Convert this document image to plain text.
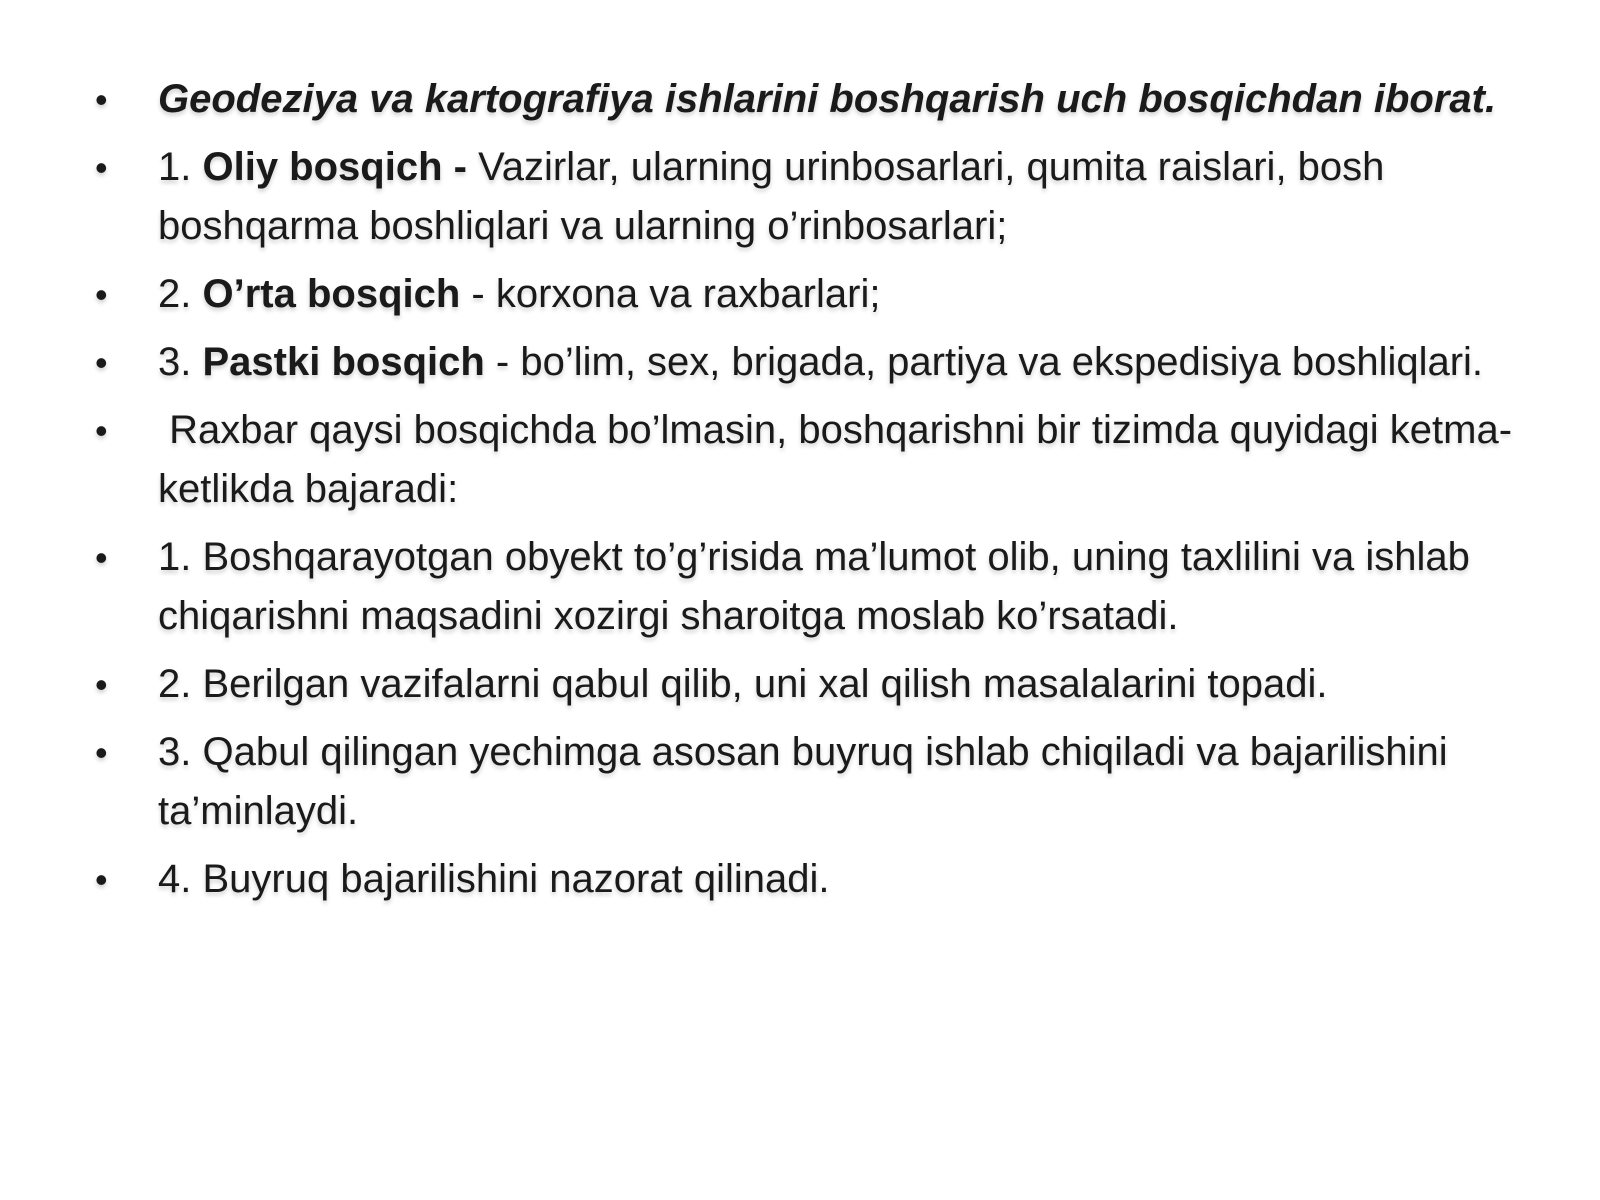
•	Geodeziya va kartografiya ishlarini boshqarish uch bosqichdan iborat.
•	1. Oliy bosqich - Vazirlar, ularning urinbosarlari, qumita raislari, bosh boshqarma boshliqlari va ularning o’rinbosarlari;
•	2. O’rta bosqich - korxona va raxbarlari;
•	3. Pastki bosqich - bo’lim, sex, brigada, partiya va ekspedisiya boshliqlari.
•	Raxbar qaysi bosqichda bo’lmasin, boshqarishni bir tizimda quyidagi ketma-ketlikda bajaradi:
•	1. Boshqarayotgan obyekt to’g’risida ma’lumot olib, uning taxlilini va ishlab chiqarishni maqsadini xozirgi sharoitga moslab ko’rsatadi.
•	2. Berilgan vazifalarni qabul qilib, uni xal qilish masalalarini topadi.
•	3. Qabul qilingan yechimga asosan buyruq ishlab chiqiladi va bajarilishini ta’minlaydi.
•	4. Buyruq bajarilishini nazorat qilinadi.
